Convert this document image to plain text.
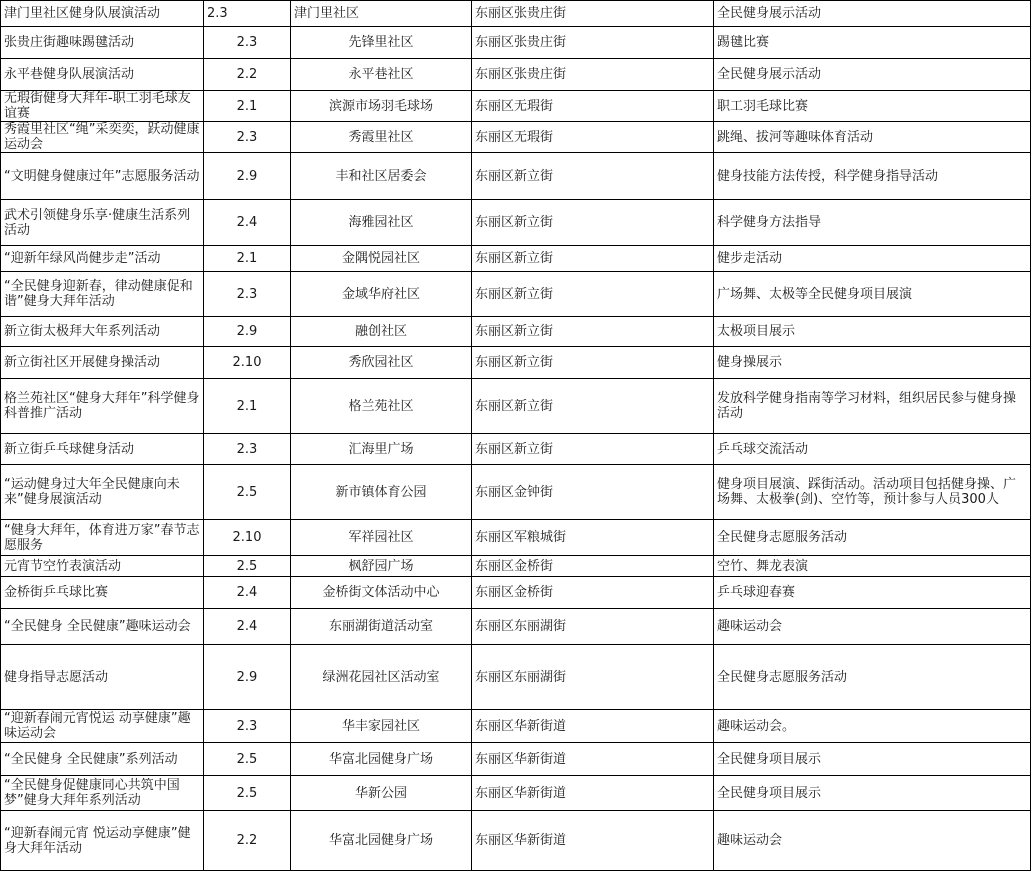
津门里社区健身队展演活动	2.3	津门里社区	东丽区张贵庄街	全民健身展示活动
张贵庄街趣味踢毽活动	2.3	先锋里社区	东丽区张贵庄街	踢毽比赛
永平巷健身队展演活动	2.2	永平巷社区	东丽区张贵庄街	全民健身展示活动
无瑕街健身大拜年-职工羽毛球友谊赛	2.1	滨源市场羽毛球场	东丽区无瑕街	职工羽毛球比赛
秀霞里社区“绳”采奕奕，跃动健康运动会	2.3	秀霞里社区	东丽区无瑕街	跳绳、拔河等趣味体育活动
“文明健身健康过年”志愿服务活动	2.9	丰和社区居委会	东丽区新立街	健身技能方法传授，科学健身指导活动
武术引领健身乐享·健康生活系列活动	2.4	海雅园社区	东丽区新立街	科学健身方法指导
“迎新年绿风尚健步走”活动	2.1	金隅悦园社区	东丽区新立街	健步走活动
“全民健身迎新春，律动健康促和谐”健身大拜年活动	2.3	金域华府社区	东丽区新立街	广场舞、太极等全民健身项目展演
新立街太极拜大年系列活动	2.9	融创社区	东丽区新立街	太极项目展示
新立街社区开展健身操活动	2.10	秀欣园社区	东丽区新立街	健身操展示
格兰苑社区“健身大拜年”科学健身科普推广活动	2.1	格兰苑社区	东丽区新立街	发放科学健身指南等学习材料，组织居民参与健身操活动
新立街乒乓球健身活动	2.3	汇海里广场	东丽区新立街	乒乓球交流活动
“运动健身过大年全民健康向未来”健身展演活动	2.5	新市镇体育公园	东丽区金钟街	健身项目展演、踩街活动。活动项目包括健身操、广场舞、太极拳(剑)、空竹等，预计参与人员300人
“健身大拜年，体育进万家”春节志愿服务	2.10	军祥园社区	东丽区军粮城街	全民健身志愿服务活动
元宵节空竹表演活动	2.5	枫舒园广场	东丽区金桥街	空竹、舞龙表演
金桥街乒乓球比赛	2.4	金桥街文体活动中心	东丽区金桥街	乒乓球迎春赛
“全民健身 全民健康”趣味运动会	2.4	东丽湖街道活动室	东丽区东丽湖街	趣味运动会
健身指导志愿活动	2.9	绿洲花园社区活动室	东丽区东丽湖街	全民健身志愿服务活动
“迎新春闹元宵悦运 动享健康”趣味运动会	2.3	华丰家园社区	东丽区华新街道	趣味运动会。
“全民健身 全民健康”系列活动	2.5	华富北园健身广场	东丽区华新街道	全民健身项目展示
“全民健身促健康同心共筑中国梦”健身大拜年系列活动	2.5	华新公园	东丽区华新街道	全民健身项目展示
“迎新春闹元宵 悦运动享健康”健身大拜年活动	2.2	华富北园健身广场	东丽区华新街道	趣味运动会
